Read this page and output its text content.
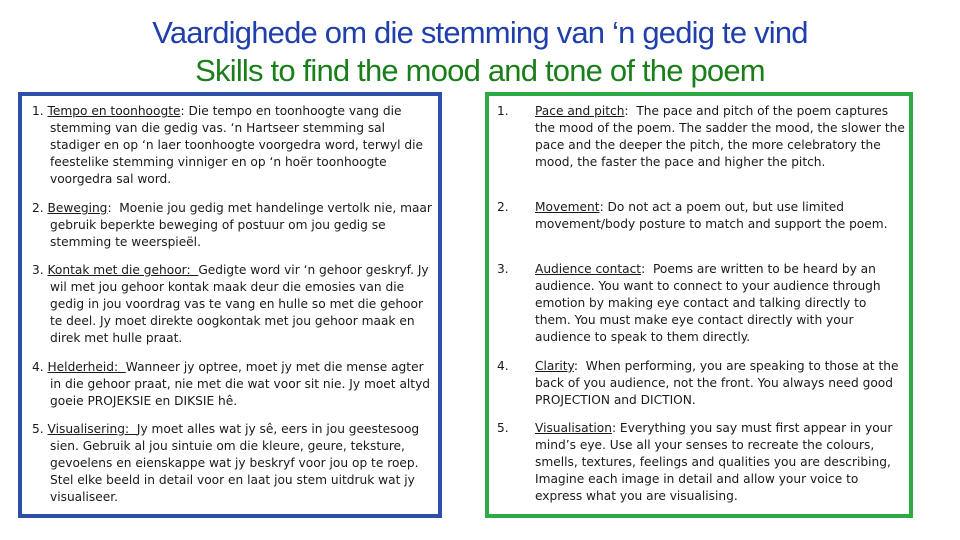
Vaardighede om die stemming van ‘n gedig te vind
Skills to find the mood and tone of the poem
1. Tempo en toonhoogte: Die tempo en toonhoogte vang die stemming van die gedig vas. ‘n Hartseer stemming sal stadiger en op ‘n laer toonhoogte voorgedra word, terwyl die feestelike stemming vinniger en op ‘n hoër toonhoogte voorgedra sal word.
2. Beweging:  Moenie jou gedig met handelinge vertolk nie, maar gebruik beperkte beweging of postuur om jou gedig se stemming te weerspieël.
3. Kontak met die gehoor:  Gedigte word vir ‘n gehoor geskryf. Jy wil met jou gehoor kontak maak deur die emosies van die gedig in jou voordrag vas te vang en hulle so met die gehoor te deel. Jy moet direkte oogkontak met jou gehoor maak en direk met hulle praat.
4. Helderheid:  Wanneer jy optree, moet jy met die mense agter in die gehoor praat, nie met die wat voor sit nie. Jy moet altyd goeie PROJEKSIE en DIKSIE hê.
5. Visualisering:  Jy moet alles wat jy sê, eers in jou geestesoog sien. Gebruik al jou sintuie om die kleure, geure, teksture, gevoelens en eienskappe wat jy beskryf voor jou op te roep. Stel elke beeld in detail voor en laat jou stem uitdruk wat jy visualiseer.
1. Pace and pitch:  The pace and pitch of the poem captures the mood of the poem. The sadder the mood, the slower the pace and the deeper the pitch, the more celebratory the mood, the faster the pace and higher the pitch.
2. Movement: Do not act a poem out, but use limited movement/body posture to match and support the poem.
3. Audience contact:  Poems are written to be heard by an audience. You want to connect to your audience through emotion by making eye contact and talking directly to them. You must make eye contact directly with your audience to speak to them directly.
4. Clarity:  When performing, you are speaking to those at the back of you audience, not the front. You always need good PROJECTION and DICTION.
5. Visualisation: Everything you say must first appear in your mind’s eye. Use all your senses to recreate the colours, smells, textures, feelings and qualities you are describing, Imagine each image in detail and allow your voice to express what you are visualising.
